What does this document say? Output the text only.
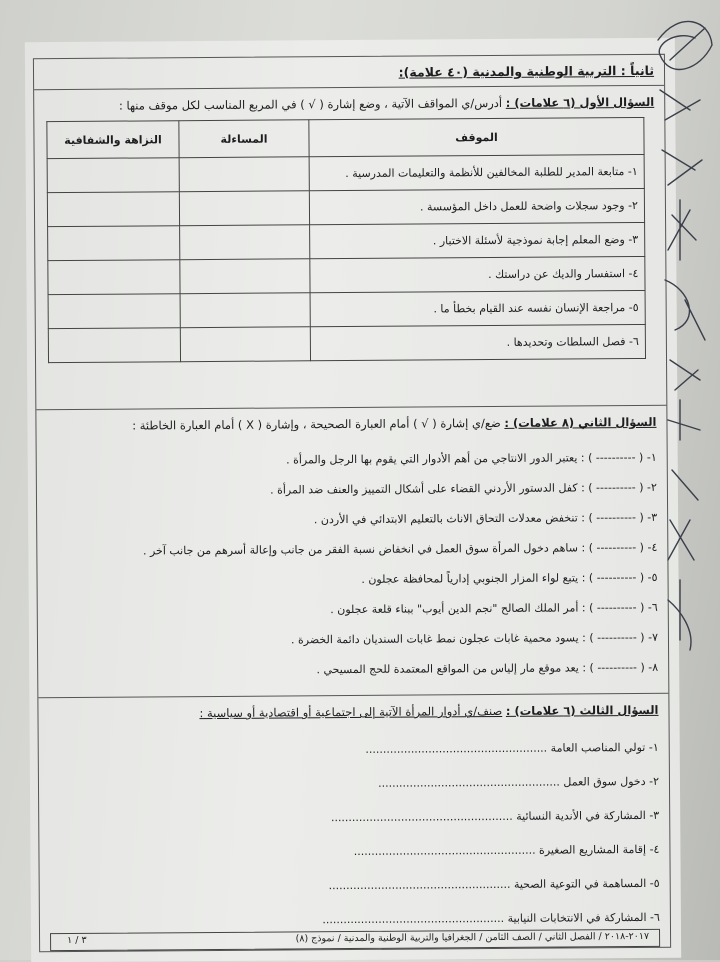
ثانياً : التربية الوطنية والمدنية (٤٠ علامة):
السؤال الأول (٦ علامات) : أدرس/ي المواقف الآتية ، وضع إشارة ( √ ) في المربع المناسب لكل موقف منها :
الموقف	المساءلة	النزاهة والشفافية
١- متابعة المدير للطلبة المخالفين للأنظمة والتعليمات المدرسية .		
٢- وجود سجلات واضحة للعمل داخل المؤسسة .		
٣- وضع المعلم إجابة نموذجية لأسئلة الاختبار .		
٤- استفسار والديك عن دراستك .		
٥- مراجعة الإنسان نفسه عند القيام بخطأ ما .		
٦- فصل السلطات وتحديدها .		
السؤال الثاني (٨ علامات) : ضع/ي إشارة ( √ ) أمام العبارة الصحيحة ، وإشارة ( X ) أمام العبارة الخاطئة :
١- ( ---------- ) : يعتبر الدور الانتاجي من أهم الأدوار التي يقوم بها الرجل والمرأة .
٢- ( ---------- ) : كفل الدستور الأردني القضاء على أشكال التمييز والعنف ضد المرأة .
٣- ( ---------- ) : تنخفض معدلات التحاق الاناث بالتعليم الابتدائي في الأردن .
٤- ( ---------- ) : ساهم دخول المرأة سوق العمل في انخفاض نسبة الفقر من جانب وإعالة أسرهم من جانب آخر .
٥- ( ---------- ) : يتبع لواء المزار الجنوبي إدارياً لمحافظة عجلون .
٦- ( ---------- ) : أمر الملك الصالح "نجم الدين أيوب" ببناء قلعة عجلون .
٧- ( ---------- ) : يسود محمية غابات عجلون نمط غابات السنديان دائمة الخضرة .
٨- ( ---------- ) : يعد موقع مار إلياس من المواقع المعتمدة للحج المسيحي .
السؤال الثالث (٦ علامات) : صنف/ي أدوار المرأة الآتية إلى اجتماعية أو اقتصادية أو سياسية :
١- تولي المناصب العامة ....................................................
٢- دخول سوق العمل ....................................................
٣- المشاركة في الأندية النسائية ....................................................
٤- إقامة المشاريع الصغيرة ....................................................
٥- المساهمة في التوعية الصحية ....................................................
٦- المشاركة في الانتخابات النيابية ....................................................
٢٠١٧-٢٠١٨ / الفصل الثاني / الصف الثامن / الجغرافيا والتربية الوطنية والمدنية / نموذج (٨)
٣ / ١
